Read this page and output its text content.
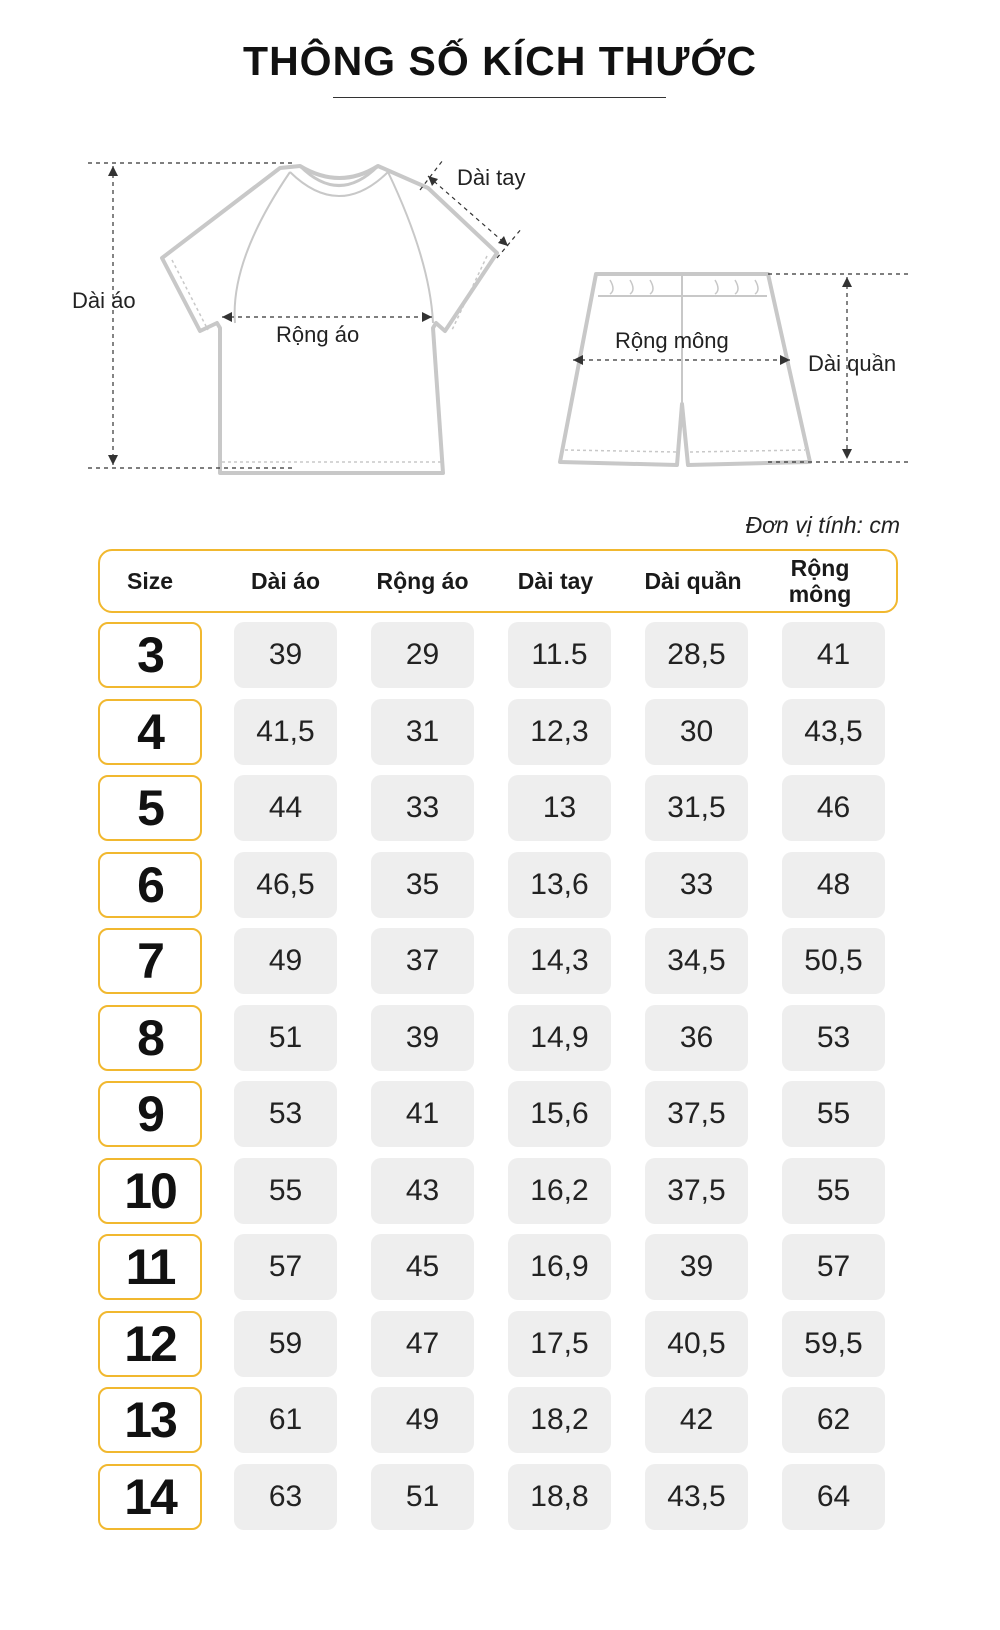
THÔNG SỐ KÍCH THƯỚC
Dài áo
Dài tay
Rộng áo	Rộng mông
Dài quần
Đơn vị tính: cm
Size	Dài áo	Rộng áo	Dài tay	Dài quần	Rộng mông
3	39	29	11.5	28,5	41
4	41,5	31	12,3	30	43,5
5	44	33	13	31,5	46
6	46,5	35	13,6	33	48
7	49	37	14,3	34,5	50,5
8	51	39	14,9	36	53
9	53	41	15,6	37,5	55
10	55	43	16,2	37,5	55
11	57	45	16,9	39	57
12	59	47	17,5	40,5	59,5
13	61	49	18,2	42	62
14	63	51	18,8	43,5	64
